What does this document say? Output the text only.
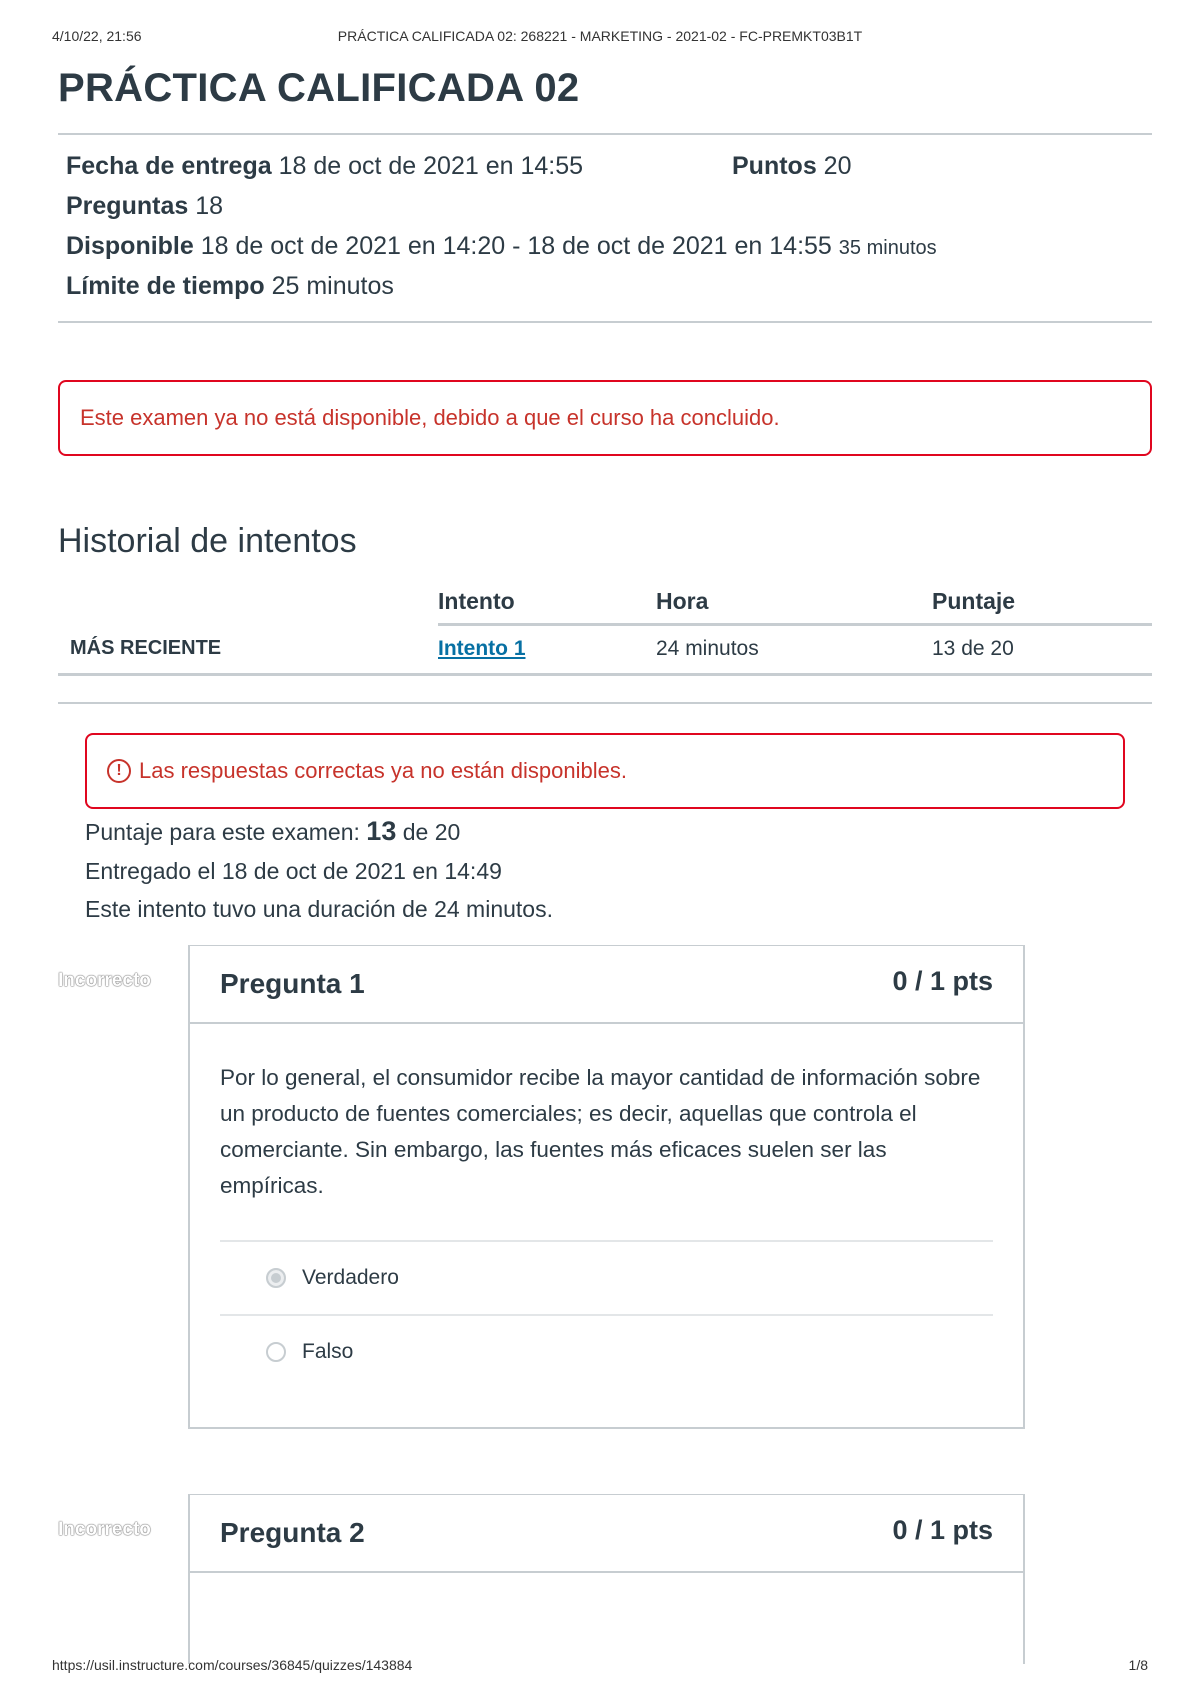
4/10/22, 21:56	PRÁCTICA CALIFICADA 02: 268221 - MARKETING - 2021-02 - FC-PREMKT03B1T
PRÁCTICA CALIFICADA 02
Fecha de entrega 18 de oct de 2021 en 14:55	Puntos 20
Preguntas 18
Disponible 18 de oct de 2021 en 14:20 - 18 de oct de 2021 en 14:55 35 minutos
Límite de tiempo 25 minutos
Este examen ya no está disponible, debido a que el curso ha concluido.
Historial de intentos
	Intento	Hora	Puntaje
MÁS RECIENTE	Intento 1	24 minutos	13 de 20
! Las respuestas correctas ya no están disponibles.
Puntaje para este examen: 13 de 20
Entregado el 18 de oct de 2021 en 14:49
Este intento tuvo una duración de 24 minutos.
Incorrecto Pregunta 1	0 / 1 pts

Por lo general, el consumidor recibe la mayor cantidad de información sobre un producto de fuentes comerciales; es decir, aquellas que controla el comerciante. Sin embargo, las fuentes más eficaces suelen ser las empíricas.

Verdadero
Falso
Incorrecto Pregunta 2	0 / 1 pts
https://usil.instructure.com/courses/36845/quizzes/143884	1/8
